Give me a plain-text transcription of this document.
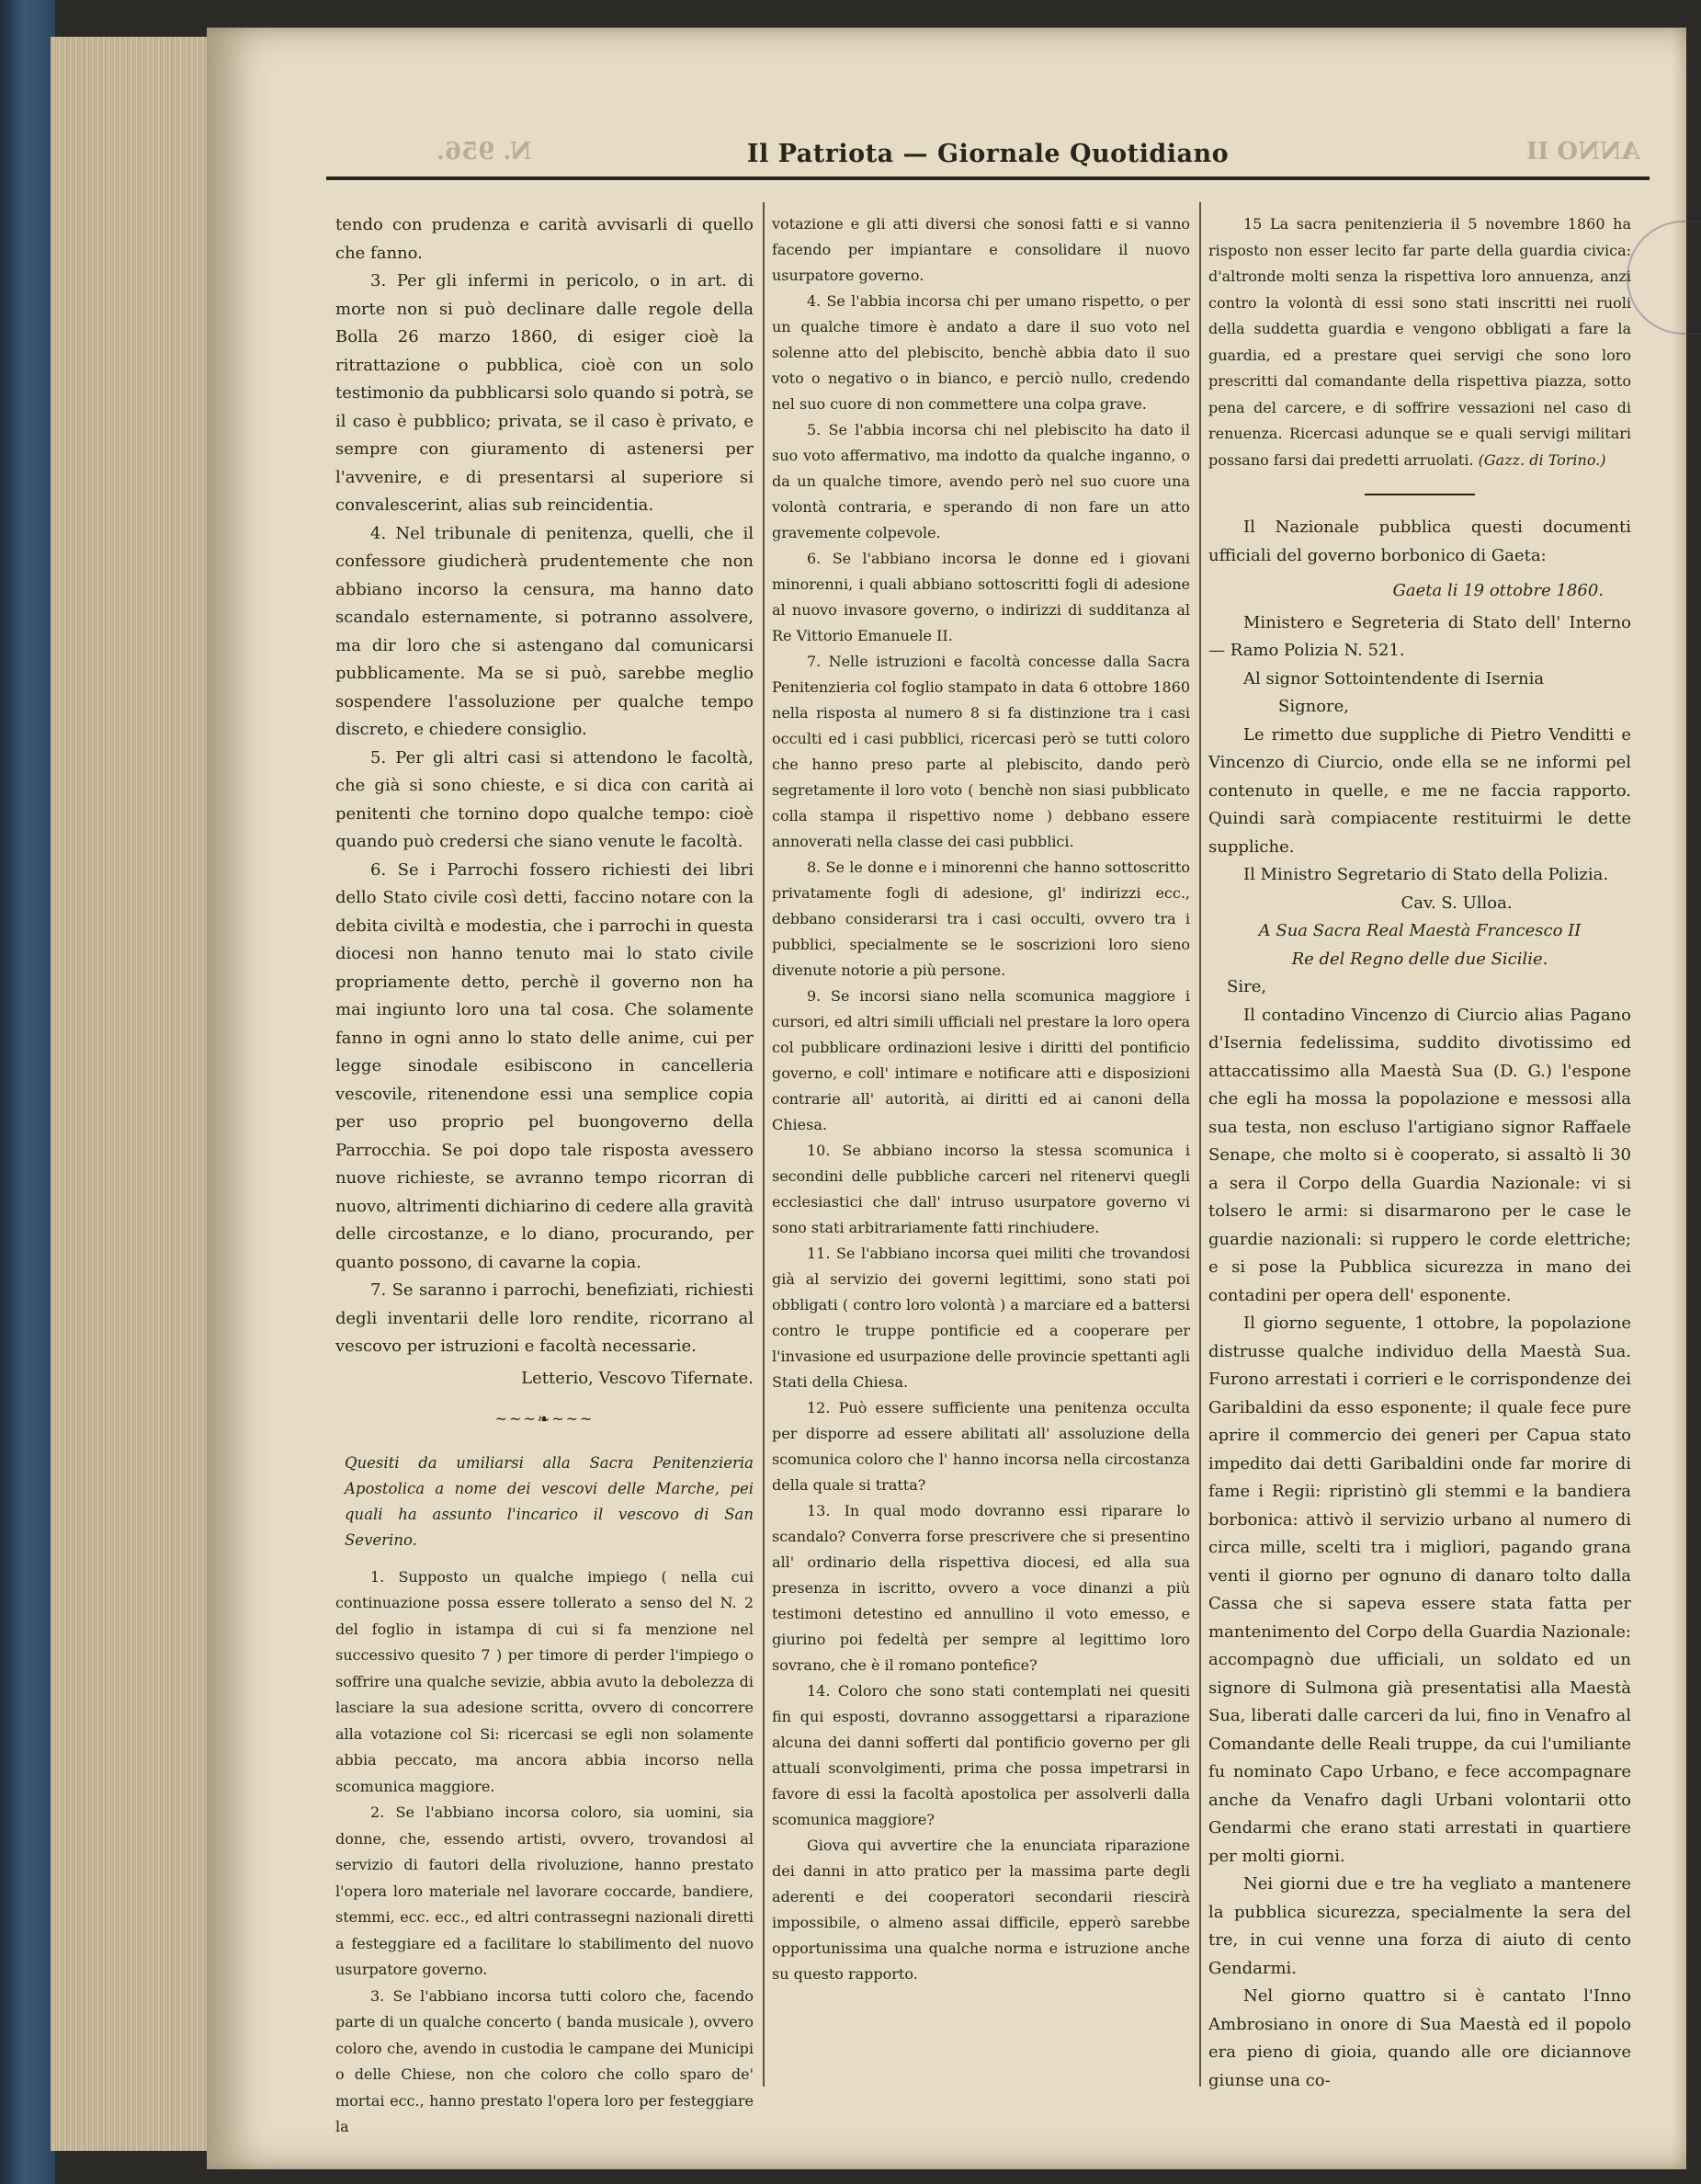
N. 956.	ANNO II
Il Patriota — Giornale Quotidiano

tendo con prudenza e carità avvisarli di quello che fanno.

3. Per gli infermi in pericolo, o in art. di morte non si può declinare dalle regole della Bolla 26 marzo 1860, di esiger cioè la ritrattazione o pubblica, cioè con un solo testimonio da pubblicarsi solo quando si potrà, se il caso è pubblico; privata, se il caso è privato, e sempre con giuramento di astenersi per l'avvenire, e di presentarsi al superiore si convalescerint, alias sub reincidentia.

4. Nel tribunale di penitenza, quelli, che il confessore giudicherà prudentemente che non abbiano incorso la censura, ma hanno dato scandalo esternamente, si potranno assolvere, ma dir loro che si astengano dal comunicarsi pubblicamente. Ma se si può, sarebbe meglio sospendere l'assoluzione per qualche tempo discreto, e chiedere consiglio.

5. Per gli altri casi si attendono le facoltà, che già si sono chieste, e si dica con carità ai penitenti che tornino dopo qualche tempo: cioè quando può credersi che siano venute le facoltà.

6. Se i Parrochi fossero richiesti dei libri dello Stato civile così detti, faccino notare con la debita civiltà e modestia, che i parrochi in questa diocesi non hanno tenuto mai lo stato civile propriamente detto, perchè il governo non ha mai ingiunto loro una tal cosa. Che solamente fanno in ogni anno lo stato delle anime, cui per legge sinodale esibiscono in cancelleria vescovile, ritenendone essi una semplice copia per uso proprio pel buongoverno della Parrocchia. Se poi dopo tale risposta avessero nuove richieste, se avranno tempo ricorran di nuovo, altrimenti dichiarino di cedere alla gravità delle circostanze, e lo diano, procurando, per quanto possono, di cavarne la copia.

7. Se saranno i parrochi, benefiziati, richiesti degli inventarii delle loro rendite, ricorrano al vescovo per istruzioni e facoltà necessarie.

Letterio, Vescovo Tifernate.

~~~❧~~~

Quesiti da umiliarsi alla Sacra Penitenzieria Apostolica a nome dei vescovi delle Marche, pei quali ha assunto l'incarico il vescovo di San Severino.

1. Supposto un qualche impiego ( nella cui continuazione possa essere tollerato a senso del N. 2 del foglio in istampa di cui si fa menzione nel successivo quesito 7 ) per timore di perder l'impiego o soffrire una qualche sevizie, abbia avuto la debolezza di lasciare la sua adesione scritta, ovvero di concorrere alla votazione col Si: ricercasi se egli non solamente abbia peccato, ma ancora abbia incorso nella scomunica maggiore.

2. Se l'abbiano incorsa coloro, sia uomini, sia donne, che, essendo artisti, ovvero, trovandosi al servizio di fautori della rivoluzione, hanno prestato l'opera loro materiale nel lavorare coccarde, bandiere, stemmi, ecc. ecc., ed altri contrassegni nazionali diretti a festeggiare ed a facilitare lo stabilimento del nuovo usurpatore governo.

3. Se l'abbiano incorsa tutti coloro che, facendo parte di un qualche concerto ( banda musicale ), ovvero coloro che, avendo in custodia le campane dei Municipi o delle Chiese, non che coloro che collo sparo de' mortai ecc., hanno prestato l'opera loro per festeggiare la

votazione e gli atti diversi che sonosi fatti e si vanno facendo per impiantare e consolidare il nuovo usurpatore governo.

4. Se l'abbia incorsa chi per umano rispetto, o per un qualche timore è andato a dare il suo voto nel solenne atto del plebiscito, benchè abbia dato il suo voto o negativo o in bianco, e perciò nullo, credendo nel suo cuore di non commettere una colpa grave.

5. Se l'abbia incorsa chi nel plebiscito ha dato il suo voto affermativo, ma indotto da qualche inganno, o da un qualche timore, avendo però nel suo cuore una volontà contraria, e sperando di non fare un atto gravemente colpevole.

6. Se l'abbiano incorsa le donne ed i giovani minorenni, i quali abbiano sottoscritti fogli di adesione al nuovo invasore governo, o indirizzi di sudditanza al Re Vittorio Emanuele II.

7. Nelle istruzioni e facoltà concesse dalla Sacra Penitenzieria col foglio stampato in data 6 ottobre 1860 nella risposta al numero 8 si fa distinzione tra i casi occulti ed i casi pubblici, ricercasi però se tutti coloro che hanno preso parte al plebiscito, dando però segretamente il loro voto ( benchè non siasi pubblicato colla stampa il rispettivo nome ) debbano essere annoverati nella classe dei casi pubblici.

8. Se le donne e i minorenni che hanno sottoscritto privatamente fogli di adesione, gl' indirizzi ecc., debbano considerarsi tra i casi occulti, ovvero tra i pubblici, specialmente se le soscrizioni loro sieno divenute notorie a più persone.

9. Se incorsi siano nella scomunica maggiore i cursori, ed altri simili ufficiali nel prestare la loro opera col pubblicare ordinazioni lesive i diritti del pontificio governo, e coll' intimare e notificare atti e disposizioni contrarie all' autorità, ai diritti ed ai canoni della Chiesa.

10. Se abbiano incorso la stessa scomunica i secondini delle pubbliche carceri nel ritenervi quegli ecclesiastici che dall' intruso usurpatore governo vi sono stati arbitrariamente fatti rinchiudere.

11. Se l'abbiano incorsa quei militi che trovandosi già al servizio dei governi legittimi, sono stati poi obbligati ( contro loro volontà ) a marciare ed a battersi contro le truppe pontificie ed a cooperare per l'invasione ed usurpazione delle provincie spettanti agli Stati della Chiesa.

12. Può essere sufficiente una penitenza occulta per disporre ad essere abilitati all' assoluzione della scomunica coloro che l' hanno incorsa nella circostanza della quale si tratta?

13. In qual modo dovranno essi riparare lo scandalo? Converra forse prescrivere che si presentino all' ordinario della rispettiva diocesi, ed alla sua presenza in iscritto, ovvero a voce dinanzi a più testimoni detestino ed annullino il voto emesso, e giurino poi fedeltà per sempre al legittimo loro sovrano, che è il romano pontefice?

14. Coloro che sono stati contemplati nei quesiti fin qui esposti, dovranno assoggettarsi a riparazione alcuna dei danni sofferti dal pontificio governo per gli attuali sconvolgimenti, prima che possa impetrarsi in favore di essi la facoltà apostolica per assolverli dalla scomunica maggiore?

Giova qui avvertire che la enunciata riparazione dei danni in atto pratico per la massima parte degli aderenti e dei cooperatori secondarii riescirà impossibile, o almeno assai difficile, epperò sarebbe opportunissima una qualche norma e istruzione anche su questo rapporto.

15 La sacra penitenzieria il 5 novembre 1860 ha risposto non esser lecito far parte della guardia civica: d'altronde molti senza la rispettiva loro annuenza, anzi contro la volontà di essi sono stati inscritti nei ruoli della suddetta guardia e vengono obbligati a fare la guardia, ed a prestare quei servigi che sono loro prescritti dal comandante della rispettiva piazza, sotto pena del carcere, e di soffrire vessazioni nel caso di renuenza. Ricercasi adunque se e quali servigi militari possano farsi dai predetti arruolati. (Gazz. di Torino.)

Il Nazionale pubblica questi documenti ufficiali del governo borbonico di Gaeta:

Gaeta li 19 ottobre 1860.

Ministero e Segreteria di Stato dell' Interno — Ramo Polizia N. 521.

Al signor Sottointendente di Isernia

Signore,

Le rimetto due suppliche di Pietro Venditti e Vincenzo di Ciurcio, onde ella se ne informi pel contenuto in quelle, e me ne faccia rapporto. Quindi sarà compiacente restituirmi le dette suppliche.

Il Ministro Segretario di Stato della Polizia.

Cav. S. Ulloa.

A Sua Sacra Real Maestà Francesco II

Re del Regno delle due Sicilie.

Sire,

Il contadino Vincenzo di Ciurcio alias Pagano d'Isernia fedelissima, suddito divotissimo ed attaccatissimo alla Maestà Sua (D. G.) l'espone che egli ha mossa la popolazione e messosi alla sua testa, non escluso l'artigiano signor Raffaele Senape, che molto si è cooperato, si assaltò li 30 a sera il Corpo della Guardia Nazionale: vi si tolsero le armi: si disarmarono per le case le guardie nazionali: si ruppero le corde elettriche; e si pose la Pubblica sicurezza in mano dei contadini per opera dell' esponente.

Il giorno seguente, 1 ottobre, la popolazione distrusse qualche individuo della Maestà Sua. Furono arrestati i corrieri e le corrispondenze dei Garibaldini da esso esponente; il quale fece pure aprire il commercio dei generi per Capua stato impedito dai detti Garibaldini onde far morire di fame i Regii: ripristinò gli stemmi e la bandiera borbonica: attivò il servizio urbano al numero di circa mille, scelti tra i migliori, pagando grana venti il giorno per ognuno di danaro tolto dalla Cassa che si sapeva essere stata fatta per mantenimento del Corpo della Guardia Nazionale: accompagnò due ufficiali, un soldato ed un signore di Sulmona già presentatisi alla Maestà Sua, liberati dalle carceri da lui, fino in Venafro al Comandante delle Reali truppe, da cui l'umiliante fu nominato Capo Urbano, e fece accompagnare anche da Venafro dagli Urbani volontarii otto Gendarmi che erano stati arrestati in quartiere per molti giorni.

Nei giorni due e tre ha vegliato a mantenere la pubblica sicurezza, specialmente la sera del tre, in cui venne una forza di aiuto di cento Gendarmi.

Nel giorno quattro si è cantato l'Inno Ambrosiano in onore di Sua Maestà ed il popolo era pieno di gioia, quando alle ore diciannove giunse una co-
